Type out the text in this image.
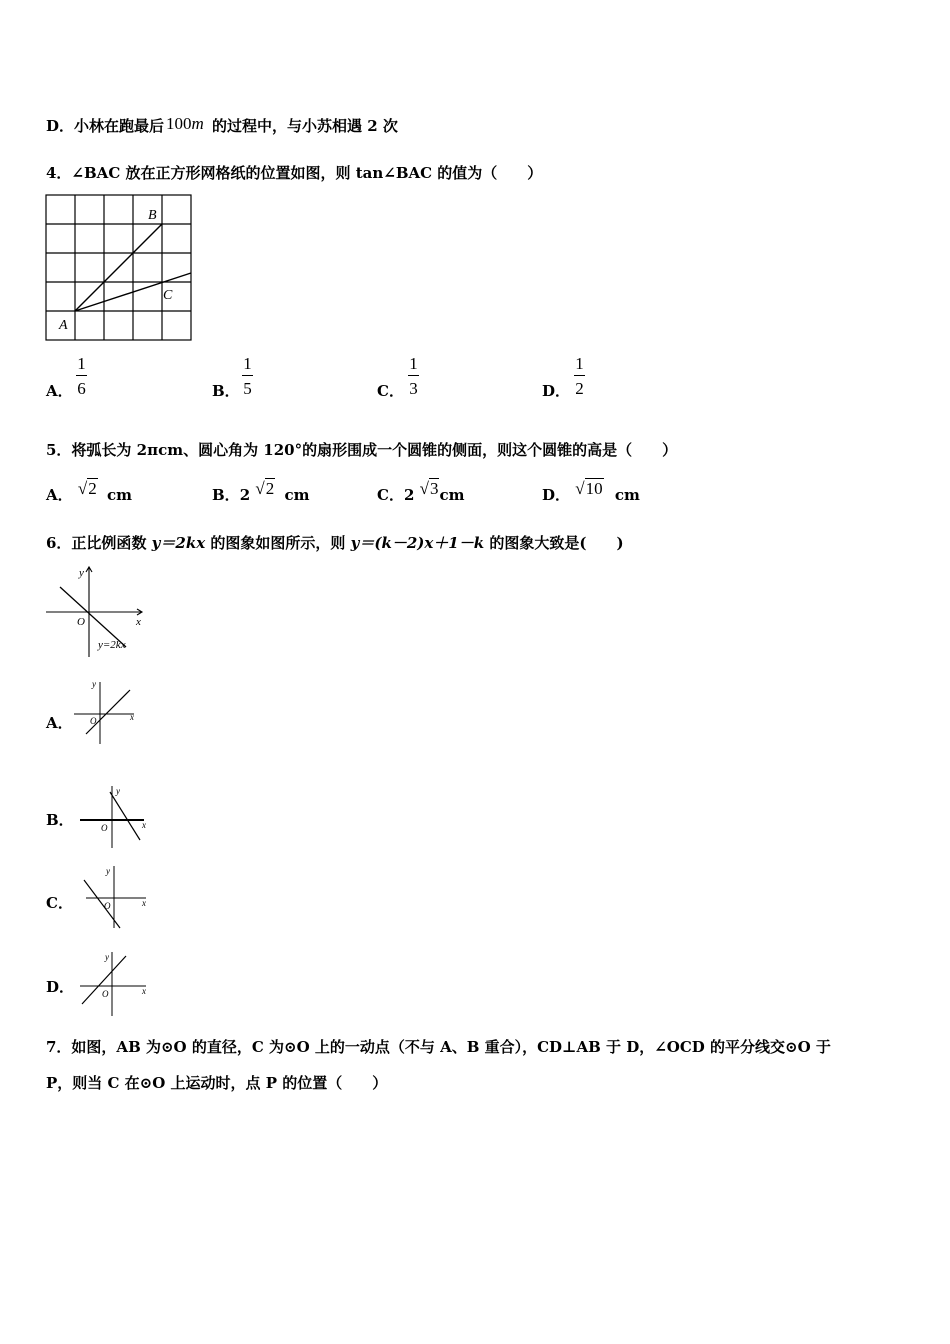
D．小林在跑最后 100m 的过程中，与小苏相遇 2 次
4．∠BAC 放在正方形网格纸的位置如图，则 tan∠BAC 的值为（　　）
A
B
C
A．
1
6	B．
1
5	C．
1
3	D．
1
2
5．将弧长为 2πcm、圆心角为 120°的扇形围成一个圆锥的侧面，则这个圆锥的高是（　　）
A． √2 cm	B．2 √2 cm	C．2 √3cm	D． √10 cm
6．正比例函数 y＝2kx 的图象如图所示，则 y＝(k－2)x＋1－k 的图象大致是(　　)
y
x
O
y=2kx
A．
y
x
O
B．
y
x
O
C．
y
x
O
D．
y
x
O
7．如图，AB 为⊙O 的直径，C 为⊙O 上的一动点（不与 A、B 重合），CD⊥AB 于 D，∠OCD 的平分线交⊙O 于
P，则当 C 在⊙O 上运动时，点 P 的位置（　　）
